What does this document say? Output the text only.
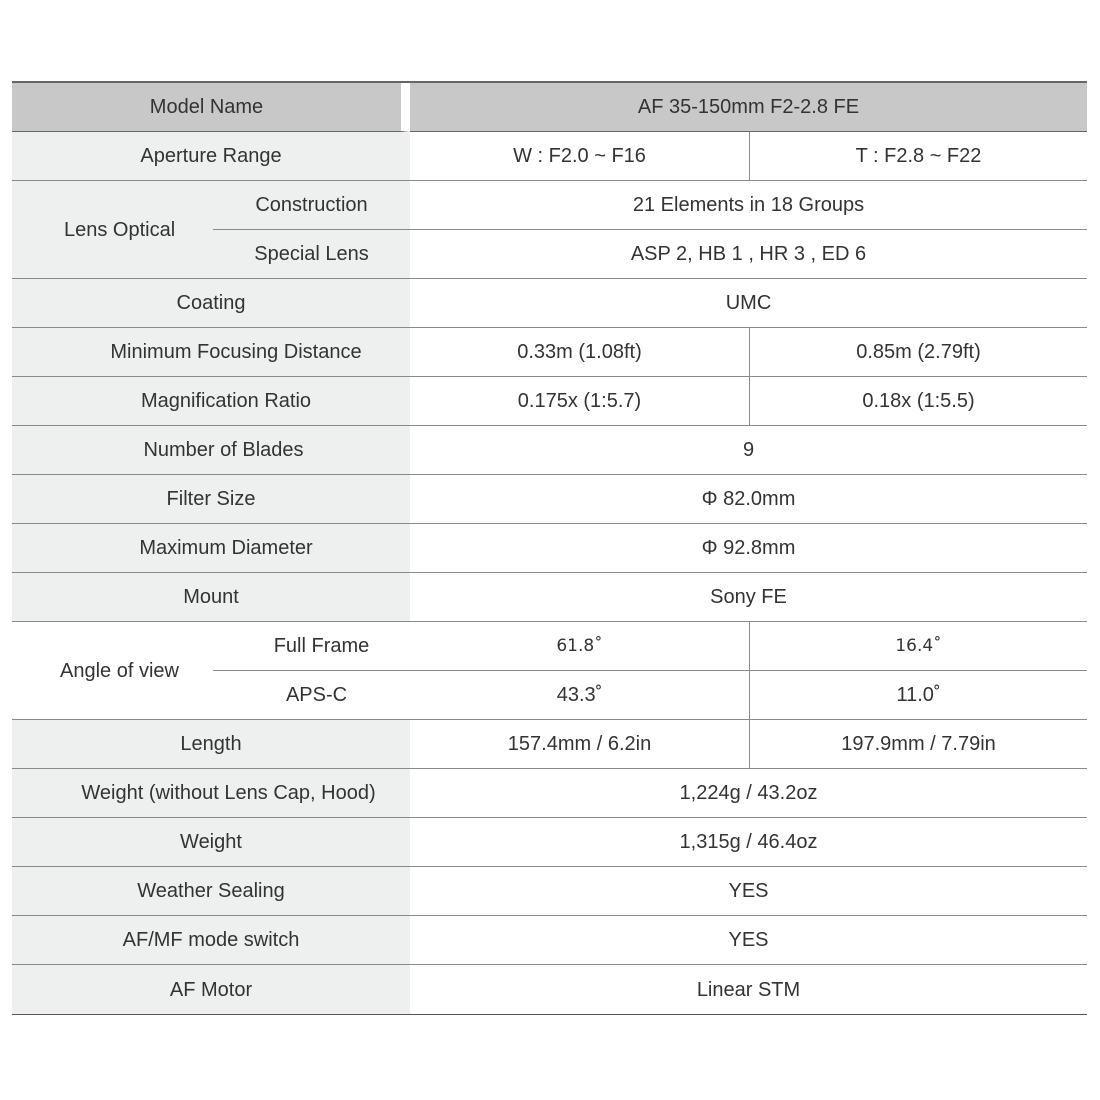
Model Name	AF 35-150mm F2-2.8 FE
Aperture Range	W : F2.0 ~ F16	T : F2.8 ~ F22
Lens Optical
Construction	21 Elements in 18 Groups
Special Lens	ASP 2, HB 1 , HR 3 , ED 6
Coating	UMC
Minimum Focusing Distance	0.33m (1.08ft)	0.85m (2.79ft)
Magnification Ratio	0.175x (1:5.7)	0.18x (1:5.5)
Number of Blades	9
Filter Size	Φ 82.0mm
Maximum Diameter	Φ 92.8mm
Mount	Sony FE
Angle of view
Full Frame	61.8˚	16.4˚
APS-C	43.3˚	11.0˚
Length	157.4mm / 6.2in	197.9mm / 7.79in
Weight (without Lens Cap, Hood)	1,224g / 43.2oz
Weight	1,315g / 46.4oz
Weather Sealing	YES
AF/MF mode switch	YES
AF Motor	Linear STM
